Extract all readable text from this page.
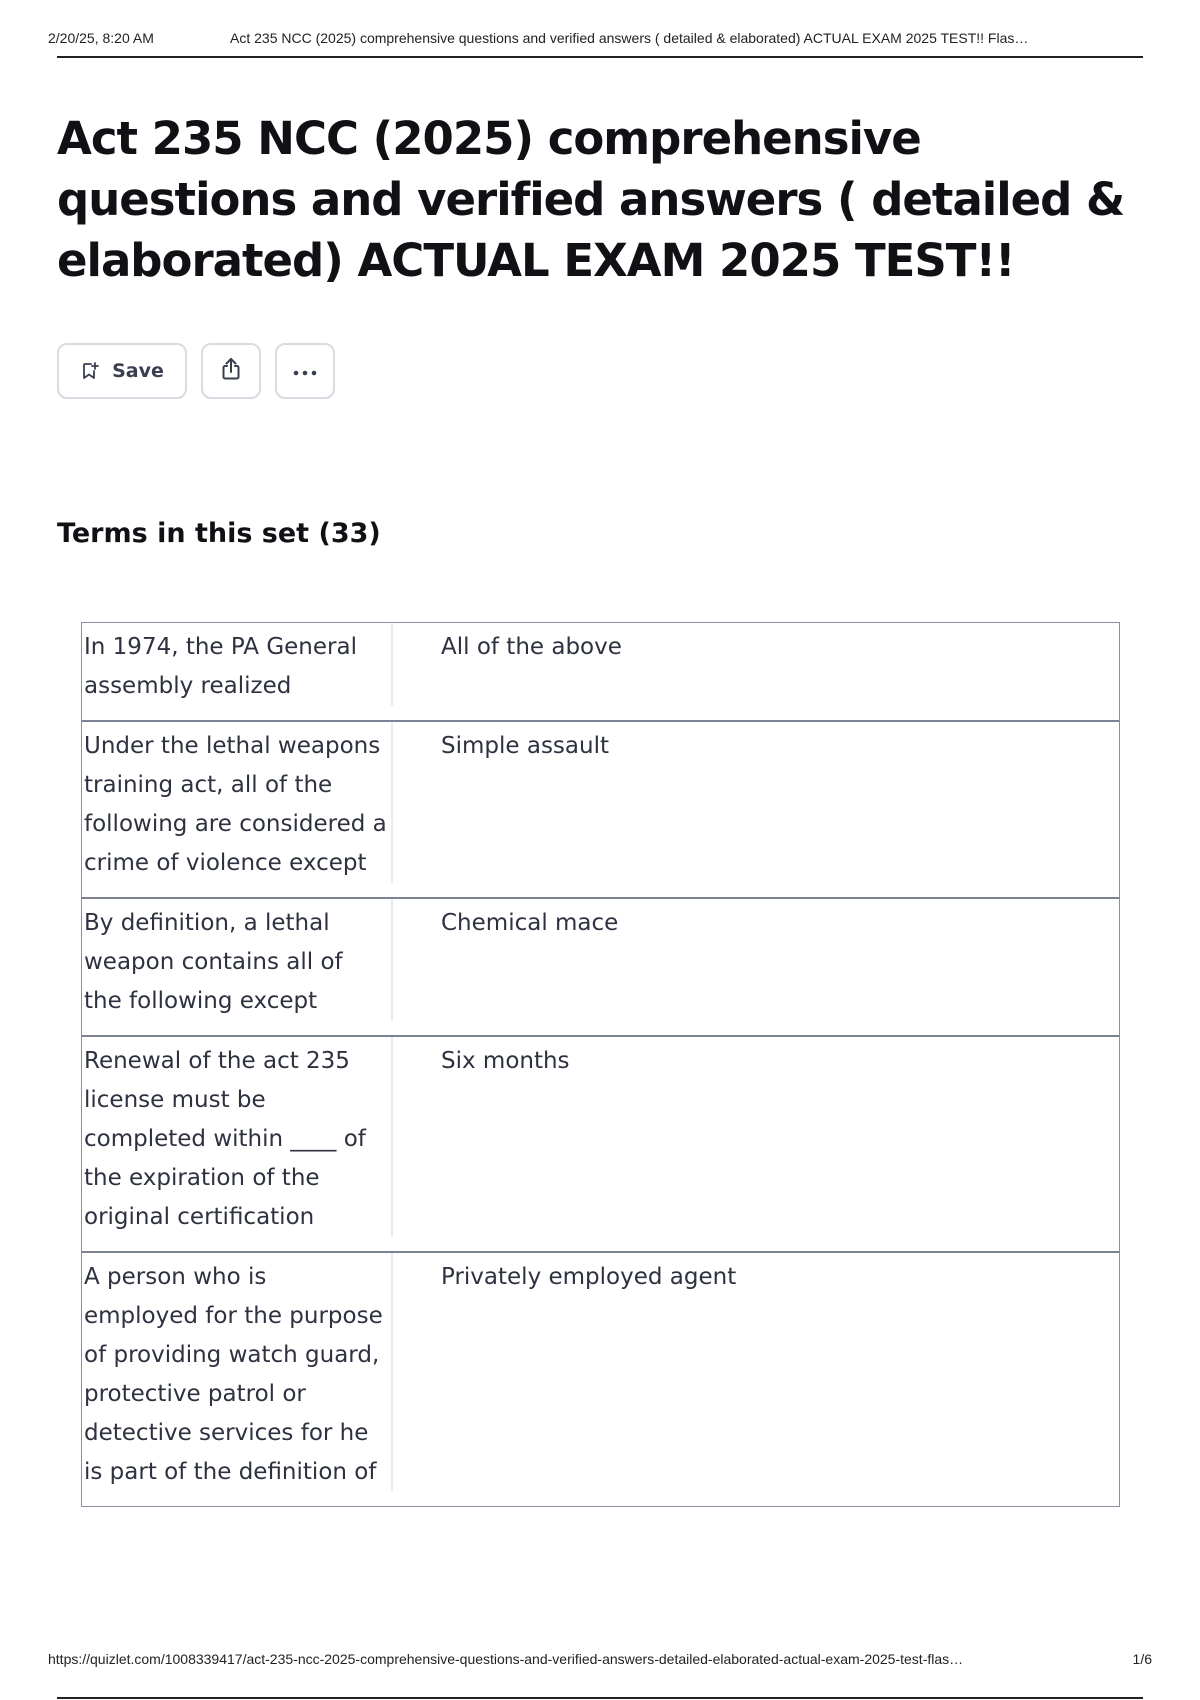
2/20/25, 8:20 AM	Act 235 NCC (2025) comprehensive questions and verified answers ( detailed & elaborated) ACTUAL EXAM 2025 TEST!! Flas…
Act 235 NCC (2025) comprehensive questions and verified answers ( detailed & elaborated) ACTUAL EXAM 2025 TEST!!
Save
Terms in this set (33)
In 1974, the PA General assembly realized
All of the above
Under the lethal weapons training act, all of the following are considered a crime of violence except
Simple assault
By definition, a lethal weapon contains all of the following except
Chemical mace
Renewal of the act 235 license must be completed within ____ of the expiration of the original certification
Six months
A person who is employed for the purpose of providing watch guard, protective patrol or detective services for he is part of the definition of
Privately employed agent
https://quizlet.com/1008339417/act-235-ncc-2025-comprehensive-questions-and-verified-answers-detailed-elaborated-actual-exam-2025-test-flas…	1/6
